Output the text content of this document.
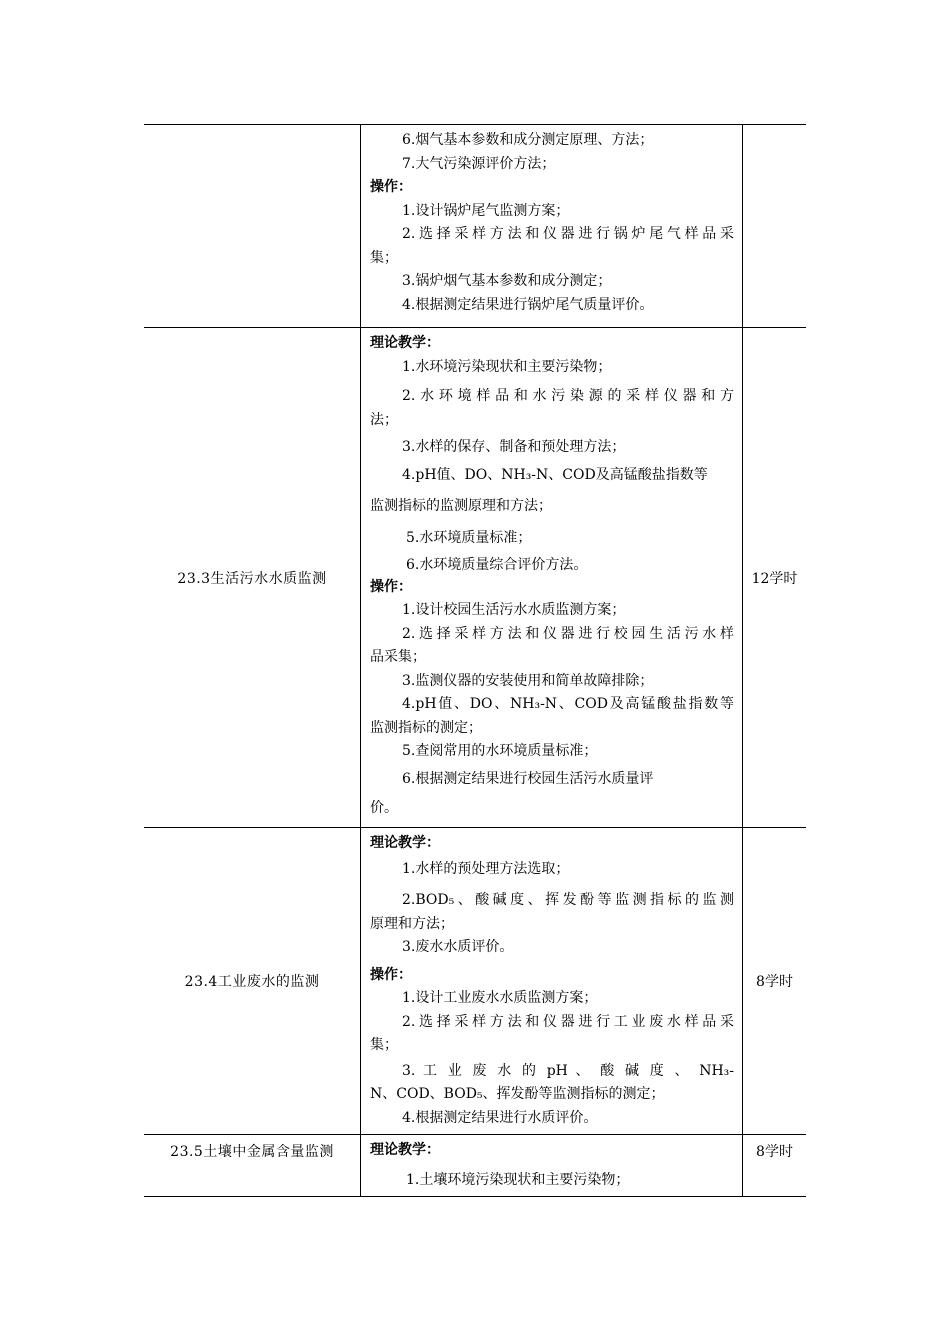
6.烟气基本参数和成分测定原理、方法；

7.大气污染源评价方法；

操作：

1.设计锅炉尾气监测方案；

2.选择采样方法和仪器进行锅炉尾气样品采

集；

3.锅炉烟气基本参数和成分测定；

4.根据测定结果进行锅炉尾气质量评价。

23.3生活污水水质监测

理论教学：

1.水环境污染现状和主要污染物；

2.水环境样品和水污染源的采样仪器和方

法；

3.水样的保存、制备和预处理方法；

4.pH值、DO、NH₃-N、COD及高锰酸盐指数等

监测指标的监测原理和方法；

5.水环境质量标准；

6.水环境质量综合评价方法。

操作：

1.设计校园生活污水水质监测方案；

2.选择采样方法和仪器进行校园生活污水样

品采集；

3.监测仪器的安装使用和简单故障排除；

4.pH值、DO、NH₃-N、COD及高锰酸盐指数等

监测指标的测定；

5.查阅常用的水环境质量标准；

6.根据测定结果进行校园生活污水质量评

价。

12学时
23.4工业废水的监测

理论教学：

1.水样的预处理方法选取；

2.BOD₅、酸碱度、挥发酚等监测指标的监测

原理和方法；

3.废水水质评价。

操作：

1.设计工业废水水质监测方案；

2.选择采样方法和仪器进行工业废水样品采

集；

3. 工 业 废 水 的 pH 、 酸 碱 度 、 NH₃-

N、COD、BOD₅、挥发酚等监测指标的测定；

4.根据测定结果进行水质评价。

8学时
23.5土壤中金属含量监测	理论教学：

1.土壤环境污染现状和主要污染物；

8学时
